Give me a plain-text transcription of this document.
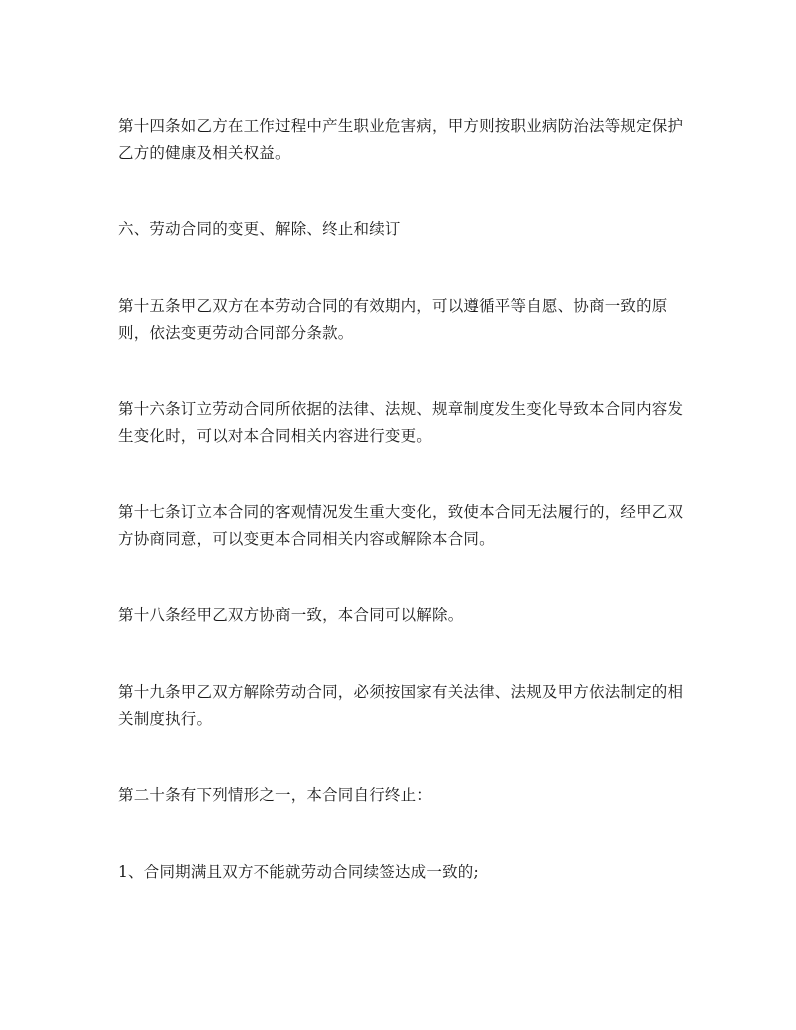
第十四条如乙方在工作过程中产生职业危害病，甲方则按职业病防治法等规定保护
乙方的健康及相关权益。

六、劳动合同的变更、解除、终止和续订

第十五条甲乙双方在本劳动合同的有效期内，可以遵循平等自愿、协商一致的原
则，依法变更劳动合同部分条款。

第十六条订立劳动合同所依据的法律、法规、规章制度发生变化导致本合同内容发
生变化时，可以对本合同相关内容进行变更。

第十七条订立本合同的客观情况发生重大变化，致使本合同无法履行的，经甲乙双
方协商同意，可以变更本合同相关内容或解除本合同。

第十八条经甲乙双方协商一致，本合同可以解除。

第十九条甲乙双方解除劳动合同，必须按国家有关法律、法规及甲方依法制定的相
关制度执行。

第二十条有下列情形之一，本合同自行终止：

1、合同期满且双方不能就劳动合同续签达成一致的;
